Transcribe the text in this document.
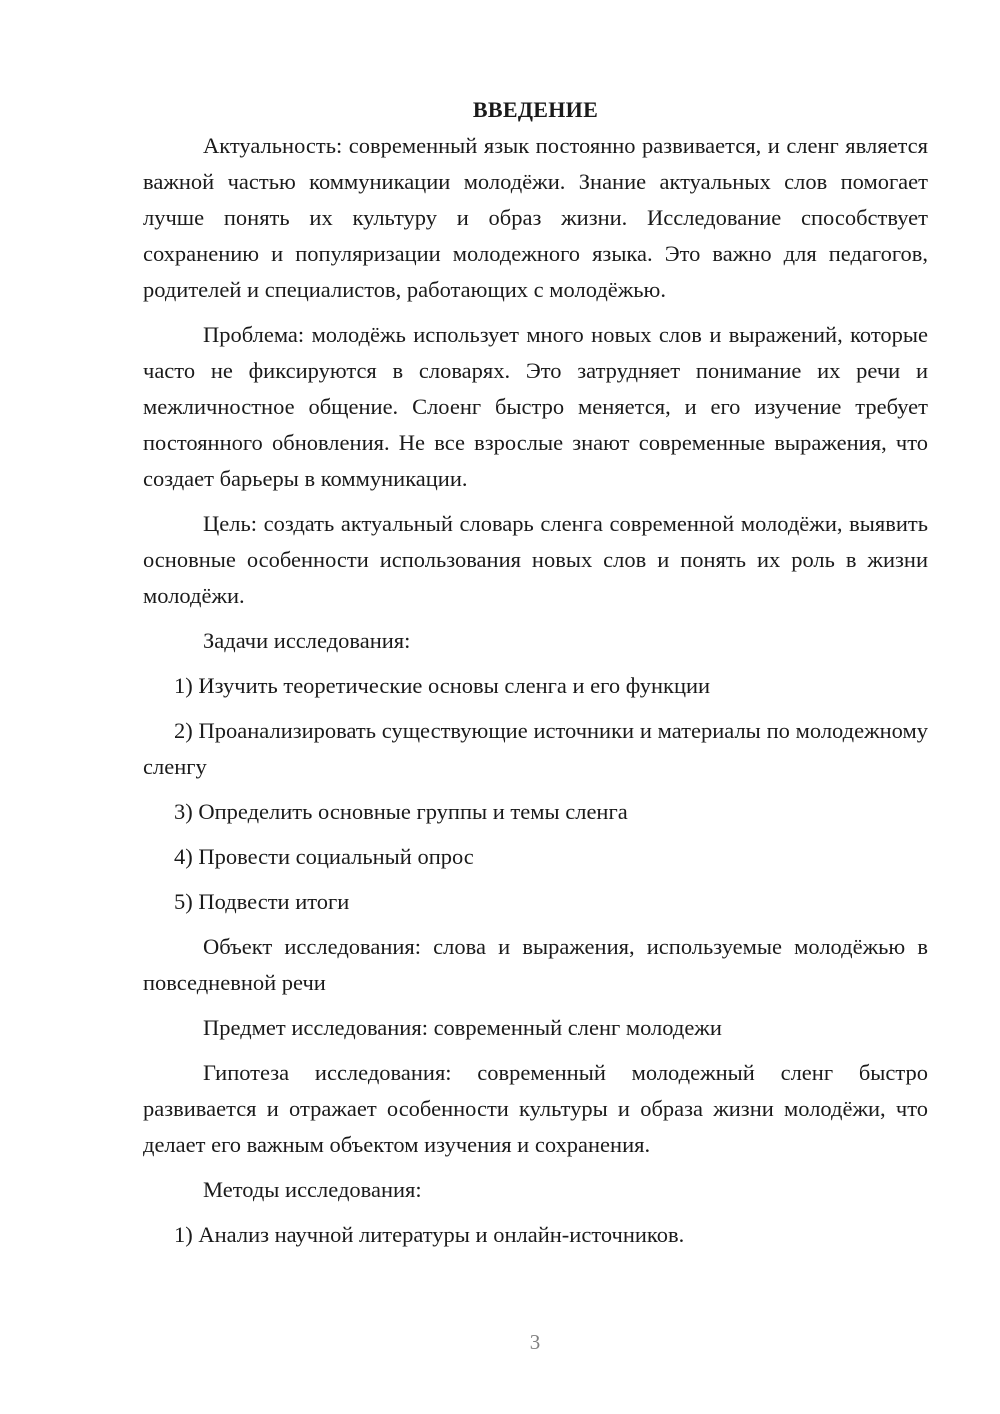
ВВЕДЕНИЕ

Актуальность: современный язык постоянно развивается, и сленг является важной частью коммуникации молодёжи. Знание актуальных слов помогает лучше понять их культуру и образ жизни. Исследование способствует сохранению и популяризации молодежного языка. Это важно для педагогов, родителей и специалистов, работающих с молодёжью.

Проблема: молодёжь использует много новых слов и выражений, которые часто не фиксируются в словарях. Это затрудняет понимание их речи и межличностное общение. Слоенг быстро меняется, и его изучение требует постоянного обновления. Не все взрослые знают современные выражения, что создает барьеры в коммуникации.

Цель: создать актуальный словарь сленга современной молодёжи, выявить основные особенности использования новых слов и понять их роль в жизни молодёжи.

Задачи исследования:

1) Изучить теоретические основы сленга и его функции

2) Проанализировать существующие источники и материалы по молодежному сленгу

3) Определить основные группы и темы сленга

4) Провести социальный опрос

5) Подвести итоги

Объект исследования: слова и выражения, используемые молодёжью в повседневной речи

Предмет исследования: современный сленг молодежи

Гипотеза исследования: современный молодежный сленг быстро развивается и отражает особенности культуры и образа жизни молодёжи, что делает его важным объектом изучения и сохранения.

Методы исследования:

1) Анализ научной литературы и онлайн-источников.

3
